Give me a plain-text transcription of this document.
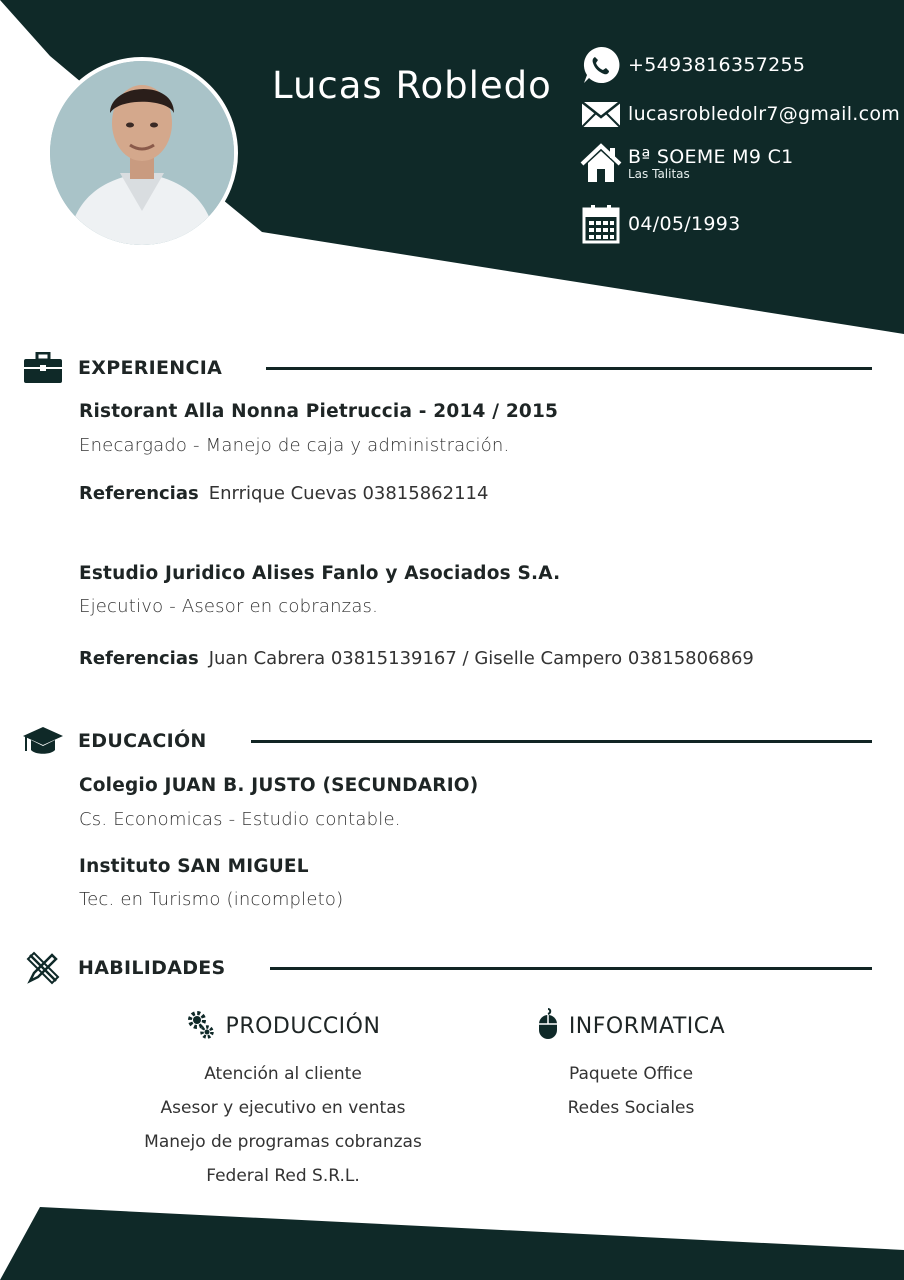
Lucas Robledo	+5493816357255
lucasrobledolr7@gmail.com
Bª SOEME M9 C1
Las Talitas
04/05/1993
EXPERIENCIA
Ristorant Alla Nonna Pietruccia - 2014 / 2015
Enecargado - Manejo de caja y administración.
Referencias Enrrique Cuevas 03815862114
Estudio Juridico Alises Fanlo y Asociados S.A.
Ejecutivo - Asesor en cobranzas.
Referencias Juan Cabrera 03815139167 / Giselle Campero 03815806869
EDUCACIÓN
Colegio JUAN B. JUSTO (SECUNDARIO)
Cs. Economicas - Estudio contable.
Instituto SAN MIGUEL
Tec. en Turismo (incompleto)
HABILIDADES
PRODUCCIÓN
Atención al cliente
Asesor y ejecutivo en ventas
Manejo de programas cobranzas
Federal Red S.R.L.
INFORMATICA
Paquete Office
Redes Sociales
